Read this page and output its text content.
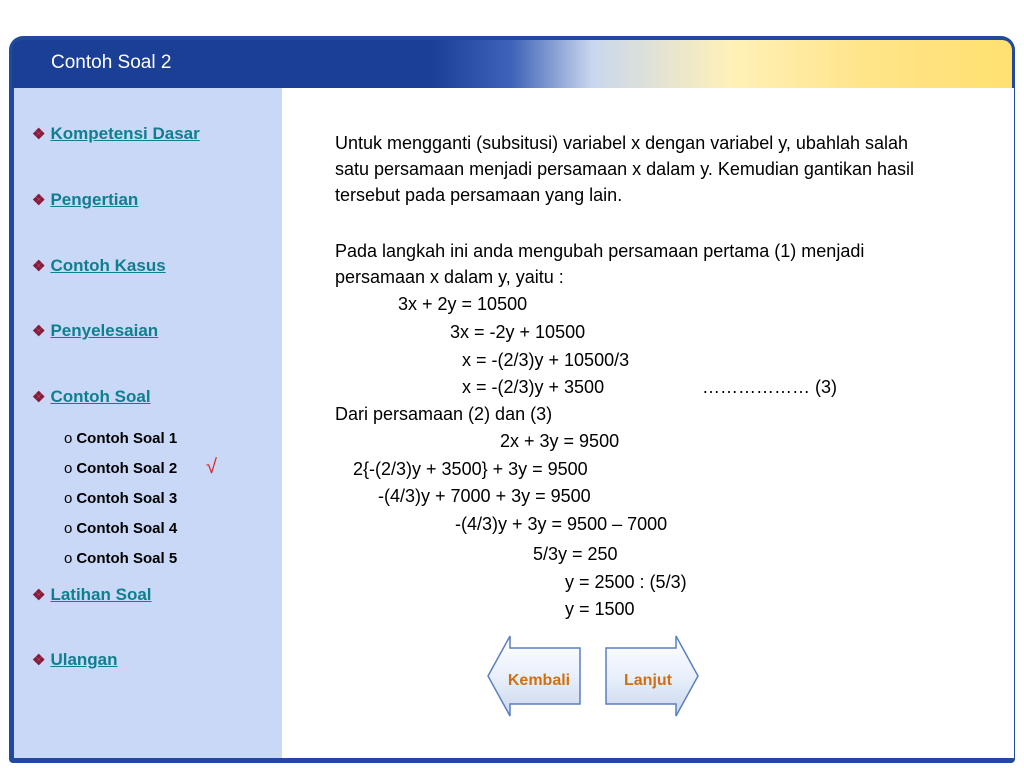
Contoh Soal 2
❖ Kompetensi Dasar
❖ Pengertian
❖ Contoh Kasus
❖ Penyelesaian
❖ Contoh Soal
o Contoh Soal 1
o Contoh Soal 2 √
o Contoh Soal 3
o Contoh Soal 4
o Contoh Soal 5
❖ Latihan Soal
❖ Ulangan

Untuk mengganti (subsitusi) variabel x dengan variabel y, ubahlah salah satu persamaan menjadi persamaan x dalam y. Kemudian gantikan hasil tersebut pada persamaan yang lain.

Pada langkah ini anda mengubah persamaan pertama (1) menjadi persamaan x dalam y, yaitu :

3x + 2y = 10500
3x = -2y + 10500
x = -(2/3)y + 10500/3
x = -(2/3)y + 3500	……………… (3)
Dari persamaan (2) dan (3)
2x + 3y = 9500
2{-(2/3)y + 3500} + 3y = 9500
-(4/3)y + 7000 + 3y = 9500
-(4/3)y + 3y = 9500 – 7000
5/3y = 250
y = 2500 : (5/3)
y = 1500
Kembali	Lanjut
